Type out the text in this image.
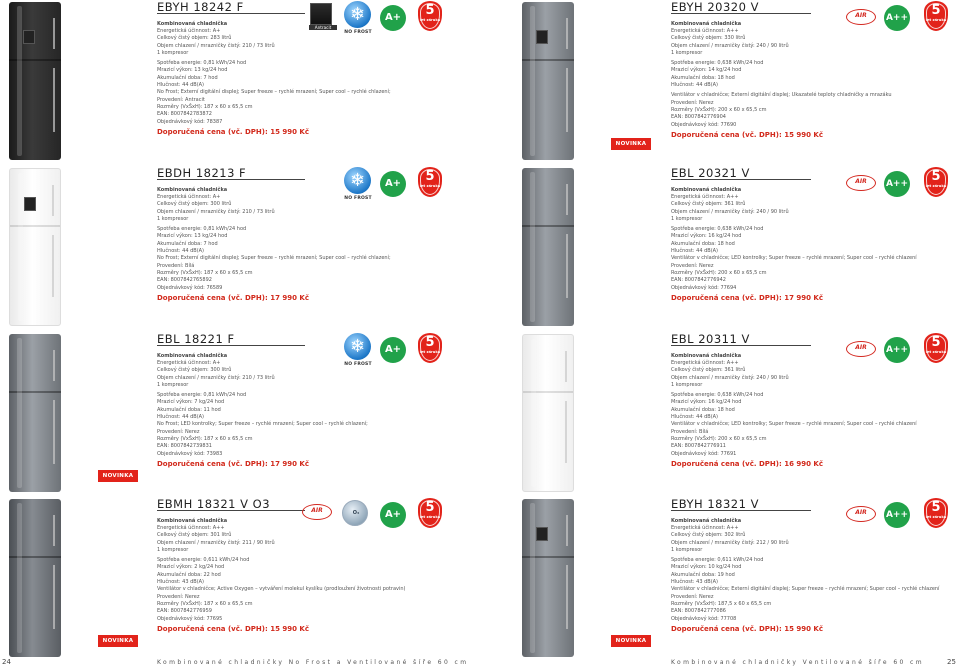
EBYH 18242 F
Kombinovaná chladnička
Energetická účinnost: A+
Celkový čistý objem: 283 litrů
Objem chlazení / mrazničky čistý: 210 / 73 litrů
1 kompresor
Spotřeba energie: 0,81 kWh/24 hod
Mrazicí výkon: 13 kg/24 hod
Akumulační doba: 7 hod
Hlučnost: 44 dB(A)
No Frost; Externí digitální displej; Super freeze – rychlé mrazení; Super cool – rychlé chlazení;
Provedení: Antracit
Rozměry (VxŠxH): 187 x 60 x 65,5 cm
EAN: 8007842783872
Objednávkový kód: 78387
Doporučená cena (vč. DPH): 15 990 Kč
Antracit
❄
NO FROST
A+	5
let záruka
EBDH 18213 F
Kombinovaná chladnička
Energetická účinnost: A+
Celkový čistý objem: 300 litrů
Objem chlazení / mrazničky čistý: 210 / 73 litrů
1 kompresor
Spotřeba energie: 0,81 kWh/24 hod
Mrazicí výkon: 13 kg/24 hod
Akumulační doba: 7 hod
Hlučnost: 44 dB(A)
No Frost; Externí digitální displej; Super freeze – rychlé mrazení; Super cool – rychlé chlazení;
Provedení: Bílá
Rozměry (VxŠxH): 187 x 60 x 65,5 cm
EAN: 8007842765892
Objednávkový kód: 76589
Doporučená cena (vč. DPH): 17 990 Kč
❄
NO FROST
A+	5
let záruka
NOVINKA
EBL 18221 F
Kombinovaná chladnička
Energetická účinnost: A+
Celkový čistý objem: 300 litrů
Objem chlazení / mrazničky čistý: 210 / 73 litrů
1 kompresor
Spotřeba energie: 0,81 kWh/24 hod
Mrazicí výkon: 7 kg/24 hod
Akumulační doba: 11 hod
Hlučnost: 44 dB(A)
No Frost; LED kontrolky; Super freeze – rychlé mrazení; Super cool – rychlé chlazení;
Provedení: Nerez
Rozměry (VxŠxH): 187 x 60 x 65,5 cm
EAN: 8007842739831
Objednávkový kód: 73983
Doporučená cena (vč. DPH): 17 990 Kč
❄
NO FROST
A+	5
let záruka
NOVINKA
EBMH 18321 V O3
Kombinovaná chladnička
Energetická účinnost: A++
Celkový čistý objem: 301 litrů
Objem chlazení / mrazničky čistý: 211 / 90 litrů
1 kompresor
Spotřeba energie: 0,611 kWh/24 hod
Mrazicí výkon: 2 kg/24 hod
Akumulační doba: 22 hod
Hlučnost: 43 dB(A)
Ventilátor v chladničce; Active Oxygen – vytváření molekul kyslíku (prodloužení životnosti potravin)
Provedení: Nerez
Rozměry (VxŠxH): 187 x 60 x 65,5 cm
EAN: 8007842776959
Objednávkový kód: 77695
Doporučená cena (vč. DPH): 15 990 Kč
AIR	O₃	A+	5
let záruka
NOVINKA
EBYH 20320 V
Kombinovaná chladnička
Energetická účinnost: A++
Celkový čistý objem: 330 litrů
Objem chlazení / mrazničky čistý: 240 / 90 litrů
1 kompresor
Spotřeba energie: 0,638 kWh/24 hod
Mrazicí výkon: 14 kg/24 hod
Akumulační doba: 18 hod
Hlučnost: 44 dB(A)
Ventilátor v chladničce; Externí digitální displej; Ukazatelé teploty chladničky a mrazáku
Provedení: Nerez
Rozměry (VxŠxH): 200 x 60 x 65,5 cm
EAN: 8007842776904
Objednávkový kód: 77690
Doporučená cena (vč. DPH): 15 990 Kč
AIR	A++	5
let záruka
EBL 20321 V
Kombinovaná chladnička
Energetická účinnost: A++
Celkový čistý objem: 361 litrů
Objem chlazení / mrazničky čistý: 240 / 90 litrů
1 kompresor
Spotřeba energie: 0,638 kWh/24 hod
Mrazicí výkon: 16 kg/24 hod
Akumulační doba: 18 hod
Hlučnost: 44 dB(A)
Ventilátor v chladničce; LED kontrolky; Super freeze – rychlé mrazení; Super cool – rychlé chlazení
Provedení: Nerez
Rozměry (VxŠxH): 200 x 60 x 65,5 cm
EAN: 8007842776942
Objednávkový kód: 77694
Doporučená cena (vč. DPH): 17 990 Kč
AIR	A++	5
let záruka
EBL 20311 V
Kombinovaná chladnička
Energetická účinnost: A++
Celkový čistý objem: 361 litrů
Objem chlazení / mrazničky čistý: 240 / 90 litrů
1 kompresor
Spotřeba energie: 0,638 kWh/24 hod
Mrazicí výkon: 16 kg/24 hod
Akumulační doba: 18 hod
Hlučnost: 44 dB(A)
Ventilátor v chladničce; LED kontrolky; Super freeze – rychlé mrazení; Super cool – rychlé chlazení
Provedení: Bílá
Rozměry (VxŠxH): 200 x 60 x 65,5 cm
EAN: 8007842776911
Objednávkový kód: 77691
Doporučená cena (vč. DPH): 16 990 Kč
AIR	A++	5
let záruka
NOVINKA
EBYH 18321 V
Kombinovaná chladnička
Energetická účinnost: A++
Celkový čistý objem: 302 litrů
Objem chlazení / mrazničky čistý: 212 / 90 litrů
1 kompresor
Spotřeba energie: 0,611 kWh/24 hod
Mrazicí výkon: 10 kg/24 hod
Akumulační doba: 19 hod
Hlučnost: 43 dB(A)
Ventilátor v chladničce; Externí digitální displej; Super freeze – rychlé mrazení; Super cool – rychlé chlazení
Provedení: Nerez
Rozměry (VxŠxH): 187,5 x 60 x 65,5 cm
EAN: 8007842777086
Objednávkový kód: 77708
Doporučená cena (vč. DPH): 15 990 Kč
AIR	A++	5
let záruka
24	Kombinované chladničky No Frost a Ventilované šíře 60 cm	Kombinované chladničky Ventilované šíře 60 cm	25
